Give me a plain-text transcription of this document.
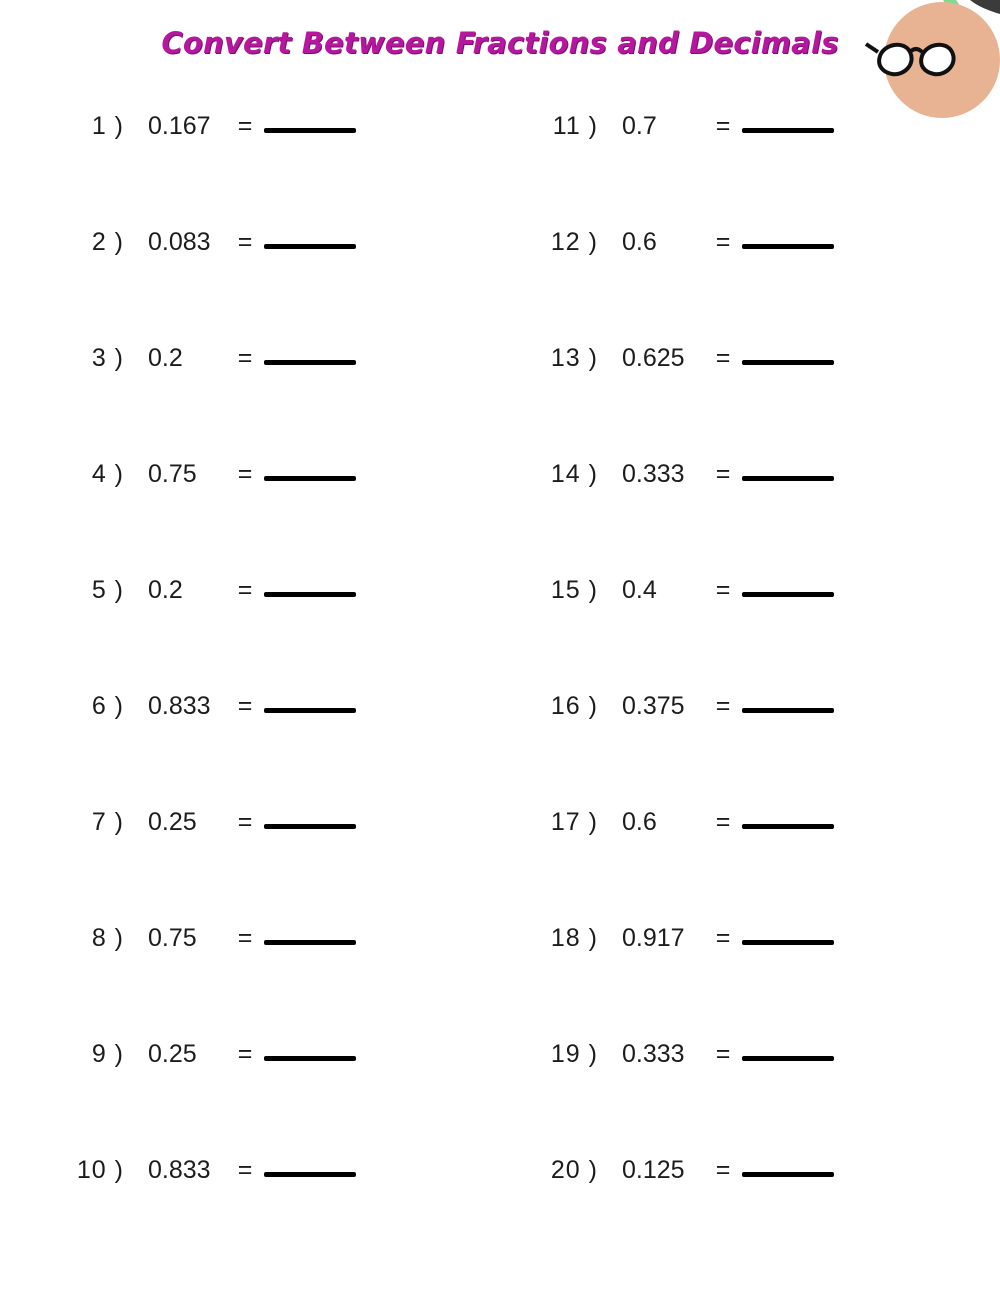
Convert Between Fractions and Decimals
1 ) 0.167	=
2 ) 0.083	=
3 ) 0.2	=
4 ) 0.75	=
5 ) 0.2	=
6 ) 0.833	=
7 ) 0.25	=
8 ) 0.75	=
9 ) 0.25	=
10 ) 0.833	=
11 ) 0.7	=
12 ) 0.6	=
13 ) 0.625	=
14 ) 0.333	=
15 ) 0.4	=
16 ) 0.375	=
17 ) 0.6	=
18 ) 0.917	=
19 ) 0.333	=
20 ) 0.125	=
